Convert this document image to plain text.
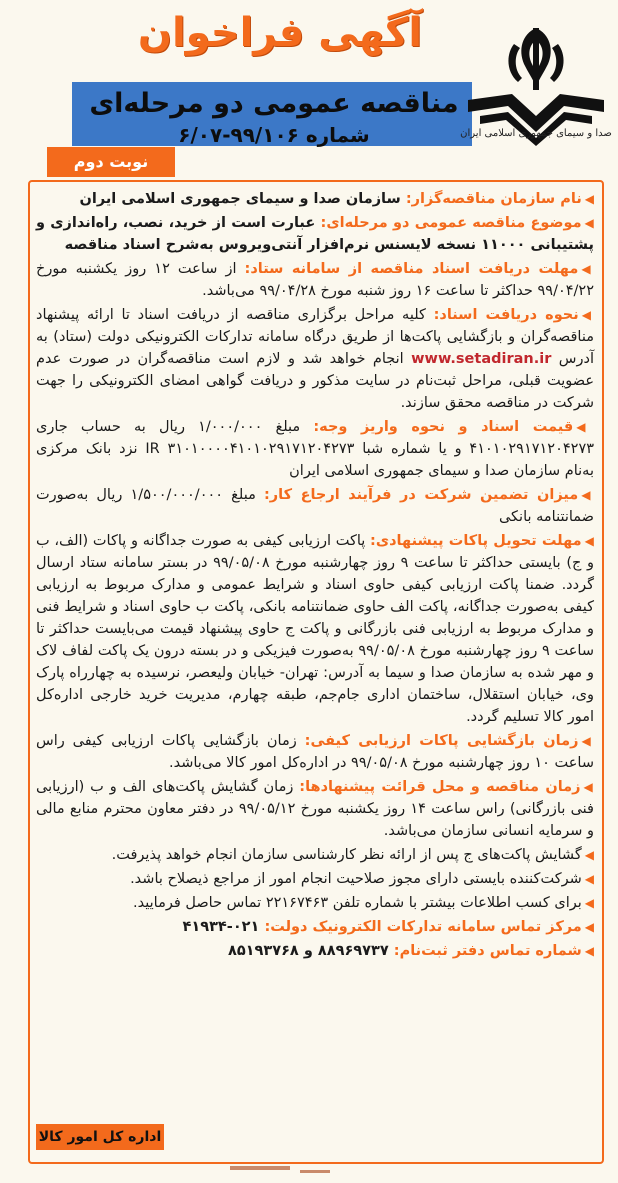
آگهی فراخوان
مناقصه عمومی دو مرحله‌ای
شماره ۹۹/۱۰۶-۶/۰۷
نوبت دوم
صدا و سیمای جمهوری اسلامی ایران

◀نام سازمان مناقصه‌گزار: سازمان صدا و سیمای جمهوری اسلامی ایران

◀موضوع مناقصه عمومی دو مرحله‌ای: عبارت است از خرید، نصب، راه‌اندازی و پشتیبانی ۱۱۰۰۰ نسخه لایسنس نرم‌افزار آنتی‌ویروس به‌شرح اسناد مناقصه

◀مهلت دریافت اسناد مناقصه از سامانه ستاد: از ساعت ۱۲ روز یکشنبه مورخ ۹۹/۰۴/۲۲ حداکثر تا ساعت ۱۶ روز شنبه مورخ ۹۹/۰۴/۲۸ می‌باشد.

◀نحوه دریافت اسناد: کلیه مراحل برگزاری مناقصه از دریافت اسناد تا ارائه پیشنهاد مناقصه‌گران و بازگشایی پاکت‌ها از طریق درگاه سامانه تدارکات الکترونیکی دولت (ستاد) به آدرس www.setadiran.ir انجام خواهد شد و لازم است مناقصه‌گران در صورت عدم عضویت قبلی، مراحل ثبت‌نام در سایت مذکور و دریافت گواهی امضای الکترونیکی را جهت شرکت در مناقصه محقق سازند.

◀قیمت اسناد و نحوه واریز وجه: مبلغ ۱/۰۰۰/۰۰۰ ریال به حساب جاری ۴۱۰۱۰۲۹۱۷۱۲۰۴۲۷۳ و یا شماره شبا IR ۳۱۰۱۰۰۰۰۴۱۰۱۰۲۹۱۷۱۲۰۴۲۷۳ نزد بانک مرکزی به‌نام سازمان صدا و سیمای جمهوری اسلامی ایران

◀میزان تضمین شرکت در فرآیند ارجاع کار: مبلغ ۱/۵۰۰/۰۰۰/۰۰۰ ریال به‌صورت ضمانتنامه بانکی

◀مهلت تحویل پاکات پیشنهادی: پاکت ارزیابی کیفی به صورت جداگانه و پاکات (الف، ب و ج) بایستی حداکثر تا ساعت ۹ روز چهارشنبه مورخ ۹۹/۰۵/۰۸ در بستر سامانه ستاد ارسال گردد. ضمنا پاکت ارزیابی کیفی حاوی اسناد و شرایط عمومی و مدارک مربوط به ارزیابی کیفی به‌صورت جداگانه، پاکت الف حاوی ضمانتنامه بانکی، پاکت ب حاوی اسناد و شرایط فنی و مدارک مربوط به ارزیابی فنی بازرگانی و پاکت ج حاوی پیشنهاد قیمت می‌بایست حداکثر تا ساعت ۹ روز چهارشنبه مورخ ۹۹/۰۵/۰۸ به‌صورت فیزیکی و در بسته درون یک پاکت لفاف لاک و مهر شده به سازمان صدا و سیما به آدرس: تهران- خیابان ولیعصر، نرسیده به چهارراه پارک وی، خیابان استقلال، ساختمان اداری جام‌جم، طبقه چهارم، مدیریت خرید خارجی اداره‌کل امور کالا تسلیم گردد.

◀زمان بازگشایی پاکات ارزیابی کیفی: زمان بازگشایی پاکات ارزیابی کیفی راس ساعت ۱۰ روز چهارشنبه مورخ ۹۹/۰۵/۰۸ در اداره‌کل امور کالا می‌باشد.

◀زمان مناقصه و محل قرائت پیشنهادها: زمان گشایش پاکت‌های الف و ب (ارزیابی فنی بازرگانی) راس ساعت ۱۴ روز یکشنبه مورخ ۹۹/۰۵/۱۲ در دفتر معاون محترم منابع مالی و سرمایه انسانی سازمان می‌باشد.

◀گشایش پاکت‌های ج پس از ارائه نظر کارشناسی سازمان انجام خواهد پذیرفت.

◀شرکت‌کننده بایستی دارای مجوز صلاحیت انجام امور از مراجع ذیصلاح باشد.

◀برای کسب اطلاعات بیشتر با شماره تلفن ۲۲۱۶۷۴۶۳ تماس حاصل فرمایید.

◀مرکز تماس سامانه تدارکات الکترونیک دولت: ۰۲۱-۴۱۹۳۴

◀شماره تماس دفتر ثبت‌نام: ۸۸۹۶۹۷۳۷ و ۸۵۱۹۳۷۶۸

اداره کل امور کالا
